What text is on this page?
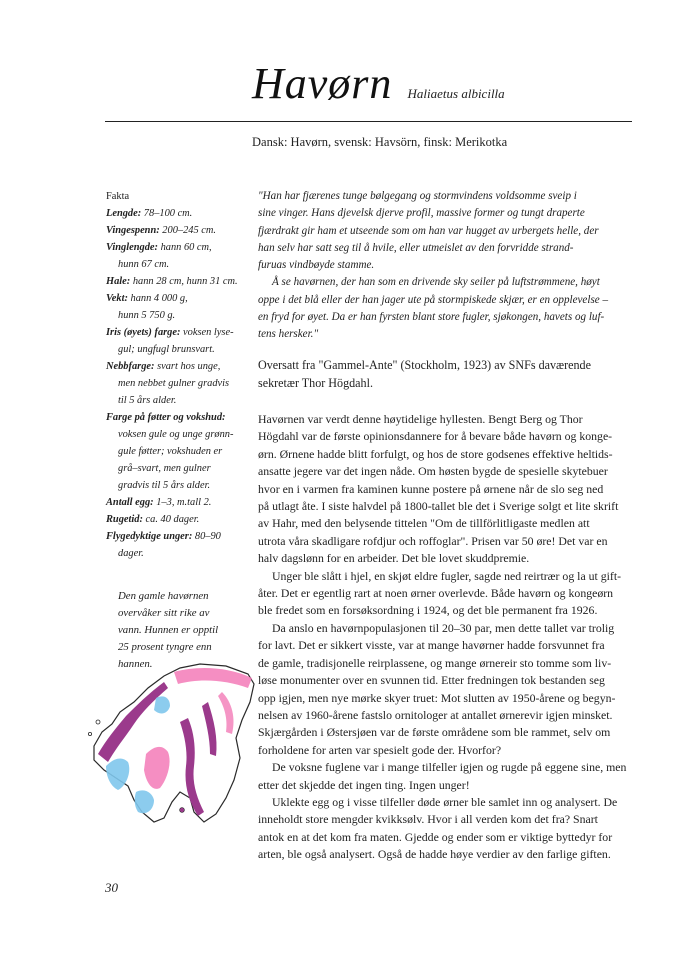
Havørn Haliaetus albicilla
Dansk: Havørn, svensk: Havsörn, finsk: Merikotka
Fakta
Lengde: 78–100 cm.
Vingespenn: 200–245 cm.
Vinglengde: hann 60 cm,
hunn 67 cm.
Hale: hann 28 cm, hunn 31 cm.
Vekt: hann 4 000 g,
hunn 5 750 g.
Iris (øyets) farge: voksen lyse-
gul; ungfugl brunsvart.
Nebbfarge: svart hos unge,
men nebbet gulner gradvis
til 5 års alder.
Farge på føtter og vokshud:
voksen gule og unge grønn-
gule føtter; vokshuden er
grå–svart, men gulner
gradvis til 5 års alder.
Antall egg: 1–3, m.tall 2.
Rugetid: ca. 40 dager.
Flygedyktige unger: 80–90
dager.
Den gamle havørnen
overvåker sitt rike av
vann. Hunnen er opptil
25 prosent tyngre enn
hannen.
30
"Han har fjærenes tunge bølgegang og stormvindens voldsomme sveip i
sine vinger. Hans djevelsk djerve profil, massive former og tungt draperte
fjærdrakt gir ham et utseende som om han var hugget av urbergets helle, der
han selv har satt seg til å hvile, eller utmeislet av den forvridde strand-
furuas vindbøyde stamme.
Å se havørnen, der han som en drivende sky seiler på luftstrømmene, høyt
oppe i det blå eller der han jager ute på stormpiskede skjær, er en opplevelse –
en fryd for øyet. Da er han fyrsten blant store fugler, sjøkongen, havets og luf-
tens hersker."
Oversatt fra "Gammel-Ante" (Stockholm, 1923) av SNFs daværende
sekretær Thor Högdahl.
Havørnen var verdt denne høytidelige hyllesten. Bengt Berg og Thor
Högdahl var de første opinionsdannere for å bevare både havørn og konge-
ørn. Ørnene hadde blitt forfulgt, og hos de store godsenes effektive heltids-
ansatte jegere var det ingen nåde. Om høsten bygde de spesielle skytebuer
hvor en i varmen fra kaminen kunne postere på ørnene når de slo seg ned
på utlagt åte. I siste halvdel på 1800-tallet ble det i Sverige solgt et lite skrift
av Hahr, med den belysende tittelen "Om de tillförlitligaste medlen att
utrota våra skadligare rofdjur och roffoglar". Prisen var 50 øre! Det var en
halv dagslønn for en arbeider. Det ble lovet skuddpremie.
Unger ble slått i hjel, en skjøt eldre fugler, sagde ned reirtrær og la ut gift-
åter. Det er egentlig rart at noen ørner overlevde. Både havørn og kongeørn
ble fredet som en forsøksordning i 1924, og det ble permanent fra 1926.
Da anslo en havørnpopulasjonen til 20–30 par, men dette tallet var trolig
for lavt. Det er sikkert visste, var at mange havørner hadde forsvunnet fra
de gamle, tradisjonelle reirplassene, og mange ørnereir sto tomme som liv-
løse monumenter over en svunnen tid. Etter fredningen tok bestanden seg
opp igjen, men nye mørke skyer truet: Mot slutten av 1950-årene og begyn-
nelsen av 1960-årene fastslo ornitologer at antallet ørnerevir igjen minsket.
Skjærgården i Østersjøen var de første områdene som ble rammet, selv om
forholdene for arten var spesielt gode der. Hvorfor?
De voksne fuglene var i mange tilfeller igjen og rugde på eggene sine, men
etter det skjedde det ingen ting. Ingen unger!
Uklekte egg og i visse tilfeller døde ørner ble samlet inn og analysert. De
inneholdt store mengder kvikksølv. Hvor i all verden kom det fra? Snart
antok en at det kom fra maten. Gjedde og ender som er viktige byttedyr for
arten, ble også analysert. Også de hadde høye verdier av den farlige giften.
